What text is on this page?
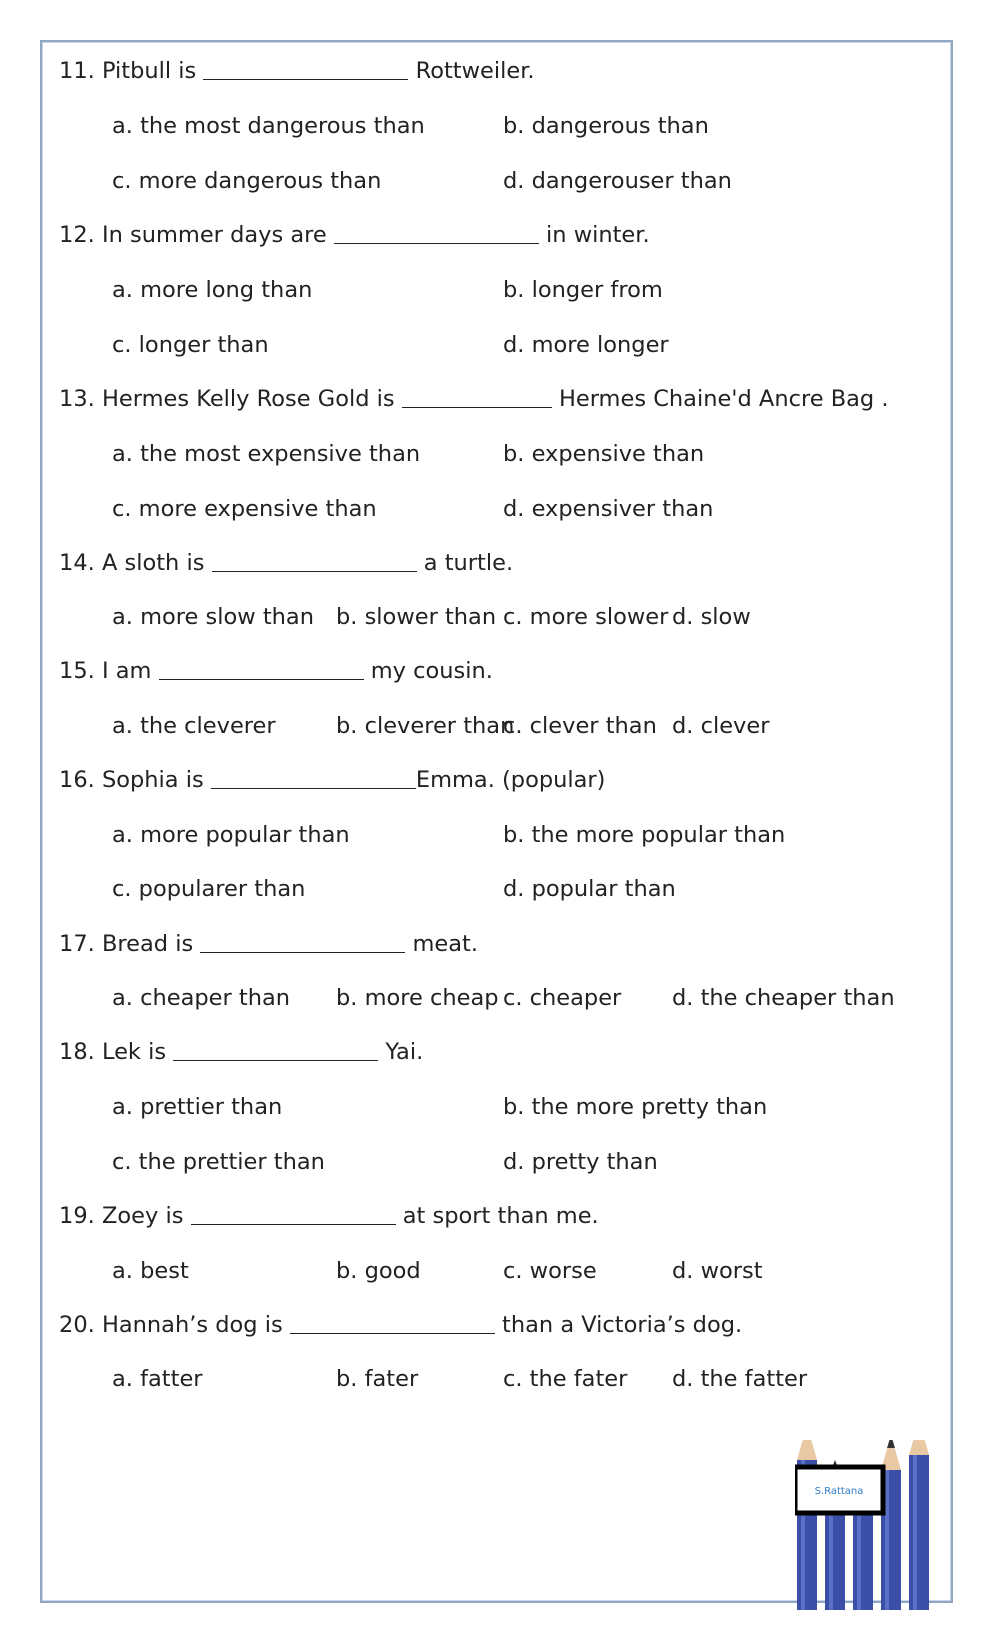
11. Pitbull is	Rottweiler.
a. the most dangerous than	b. dangerous than
c. more dangerous than	d. dangerouser than
12. In summer days are	in winter.
a. more long than	b. longer from
c. longer than	d. more longer
13. Hermes Kelly Rose Gold is	Hermes Chaine'd Ancre Bag .
a. the most expensive than	b. expensive than
c. more expensive than	d. expensiver than
14. A sloth is	a turtle.
a. more slow than b. slower than c. more slower d. slow
15. I am	my cousin.
a. the cleverer	b. cleverer than
c. clever than d. clever
16. Sophia is	Emma. (popular)
a. more popular than	b. the more popular than
c. popularer than	d. popular than
17. Bread is	meat.
a. cheaper than b. more cheap c. cheaper d. the cheaper than
18. Lek is	Yai.
a. prettier than	b. the more pretty than
c. the prettier than	d. pretty than
19. Zoey is	at sport than me.
a. best	b. good	c. worse	d. worst
20. Hannah’s dog is	than a Victoria’s dog.
a. fatter	b. fater	c. the fater d. the fatter
S.Rattana
